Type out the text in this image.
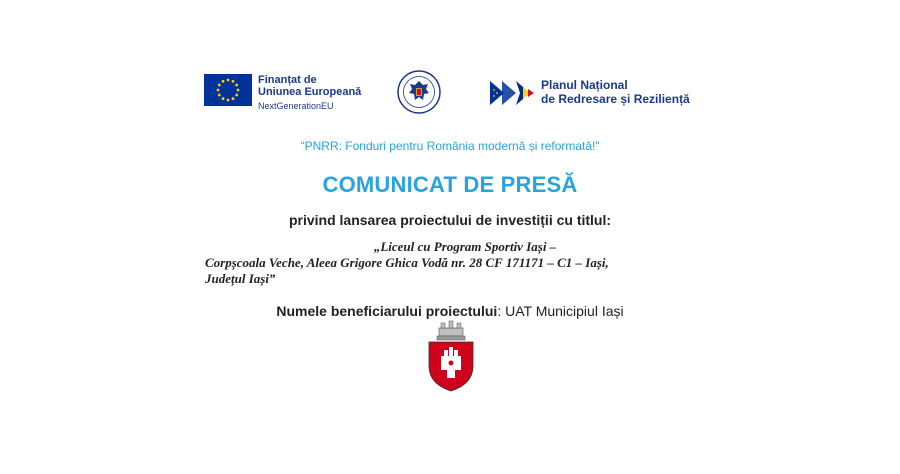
Finanțat de
Uniunea Europeană
NextGenerationEU
Planul Național
de Redresare și Reziliență
“PNRR: Fonduri pentru România modernă și reformată!”
COMUNICAT DE PRESĂ
privind lansarea proiectului de investiții cu titlul:
„Liceul cu Program Sportiv Iași –
Corpșcoala Veche, Aleea Grigore Ghica Vodă nr. 28 CF 171171 – C1 – Iași,
Județul Iași”
Numele beneficiarului proiectului: UAT Municipiul Iași
